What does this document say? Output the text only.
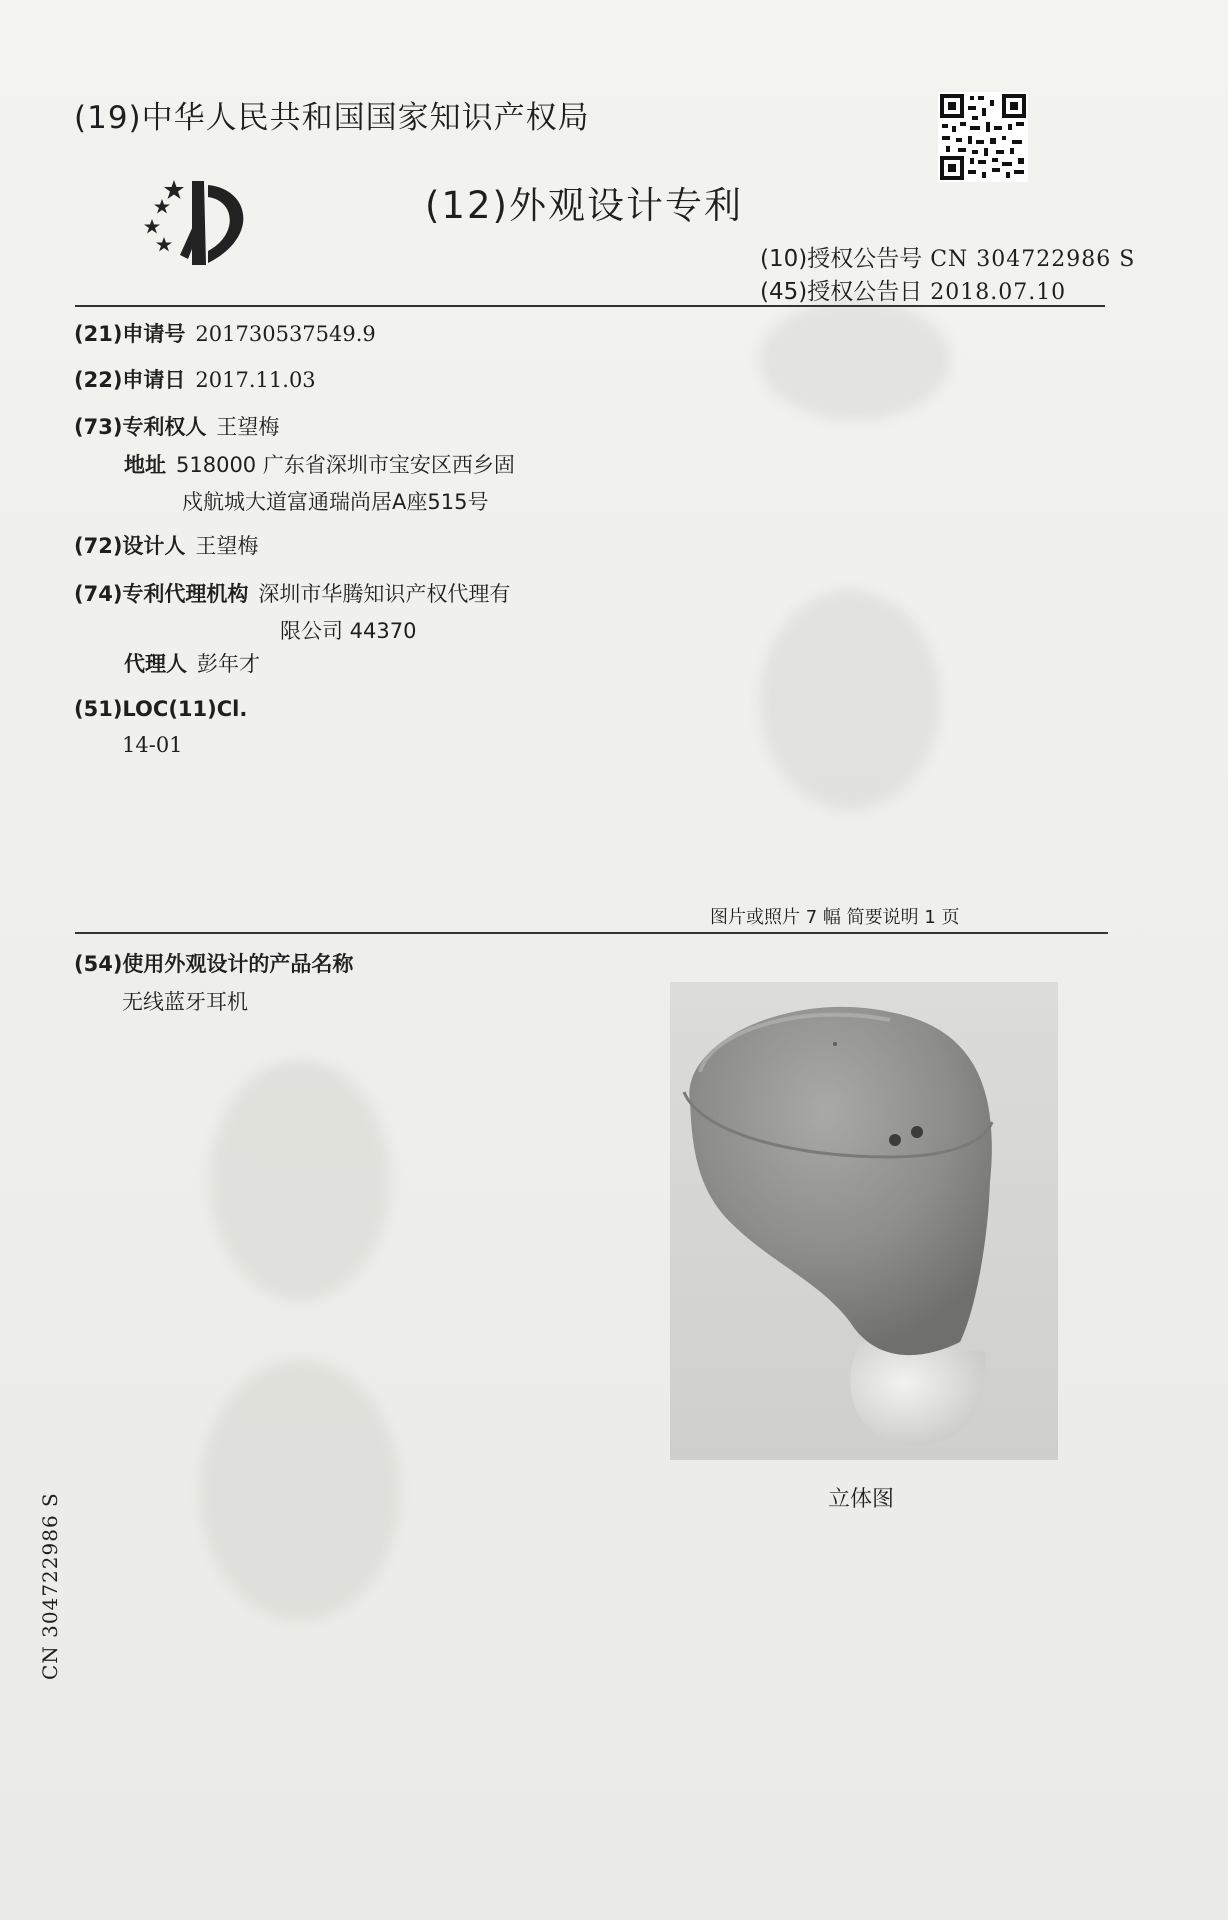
(19)中华人民共和国国家知识产权局
(12)外观设计专利
(10)授权公告号 CN 304722986 S
(45)授权公告日 2018.07.10
(21)申请号 201730537549.9
(22)申请日 2017.11.03
(73)专利权人 王望梅
地址 518000 广东省深圳市宝安区西乡固
戍航城大道富通瑞尚居A座515号
(72)设计人 王望梅
(74)专利代理机构 深圳市华腾知识产权代理有
限公司 44370
代理人 彭年才
(51)LOC(11)Cl.
14-01
图片或照片 7 幅 简要说明 1 页
(54)使用外观设计的产品名称
无线蓝牙耳机
立体图
CN 304722986 S
